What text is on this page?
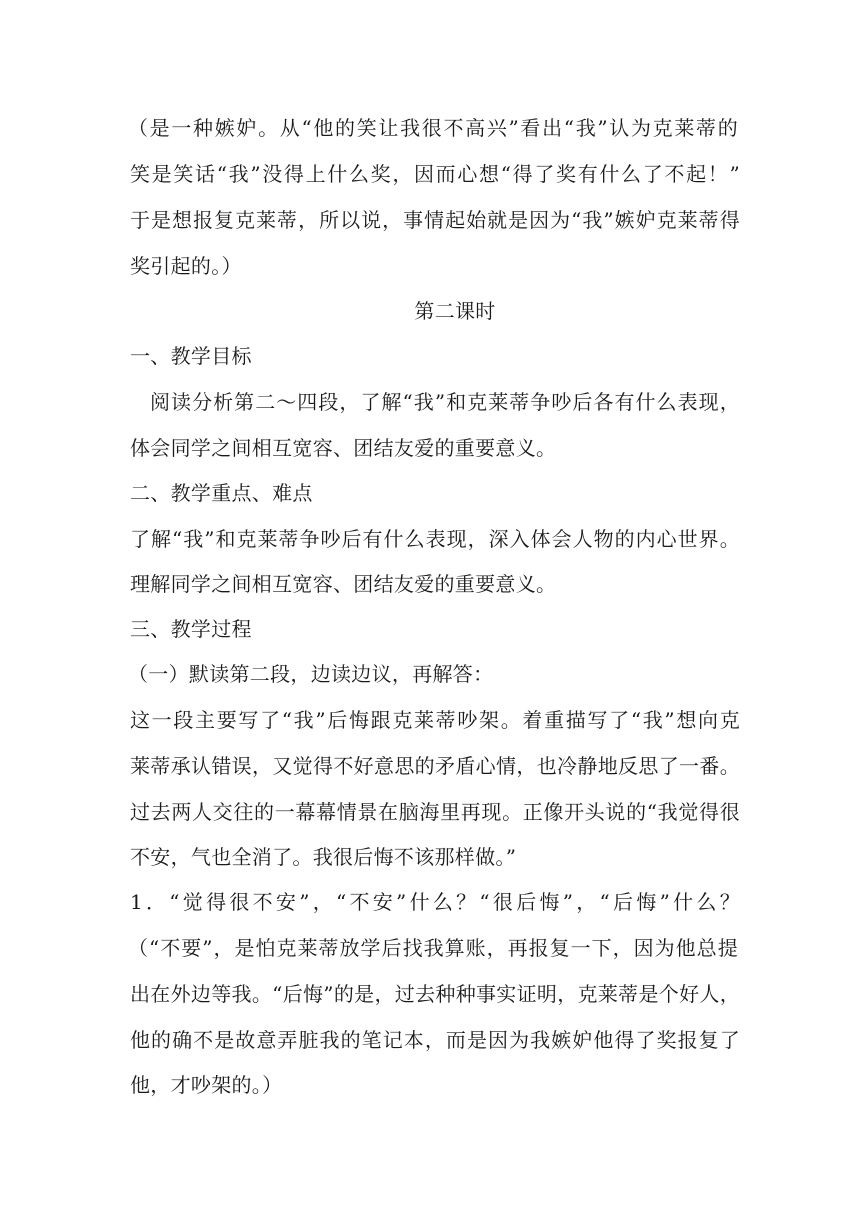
（是一种嫉妒。从“他的笑让我很不高兴”看出“我”认为克莱蒂的
笑是笑话“我”没得上什么奖，因而心想“得了奖有什么了不起！”
于是想报复克莱蒂，所以说，事情起始就是因为“我”嫉妒克莱蒂得
奖引起的。）
第二课时
一、教学目标
阅读分析第二～四段，了解“我”和克莱蒂争吵后各有什么表现，
体会同学之间相互宽容、团结友爱的重要意义。
二、教学重点、难点
了解“我”和克莱蒂争吵后有什么表现，深入体会人物的内心世界。
理解同学之间相互宽容、团结友爱的重要意义。
三、教学过程
（一）默读第二段，边读边议，再解答：
这一段主要写了“我”后悔跟克莱蒂吵架。着重描写了“我”想向克
莱蒂承认错误，又觉得不好意思的矛盾心情，也冷静地反思了一番。
过去两人交往的一幕幕情景在脑海里再现。正像开头说的“我觉得很
不安，气也全消了。我很后悔不该那样做。”
1．“觉得很不安”，“不安”什么？“很后悔”，“后悔”什么？
（“不要”，是怕克莱蒂放学后找我算账，再报复一下，因为他总提
出在外边等我。“后悔”的是，过去种种事实证明，克莱蒂是个好人，
他的确不是故意弄脏我的笔记本，而是因为我嫉妒他得了奖报复了
他，才吵架的。）
